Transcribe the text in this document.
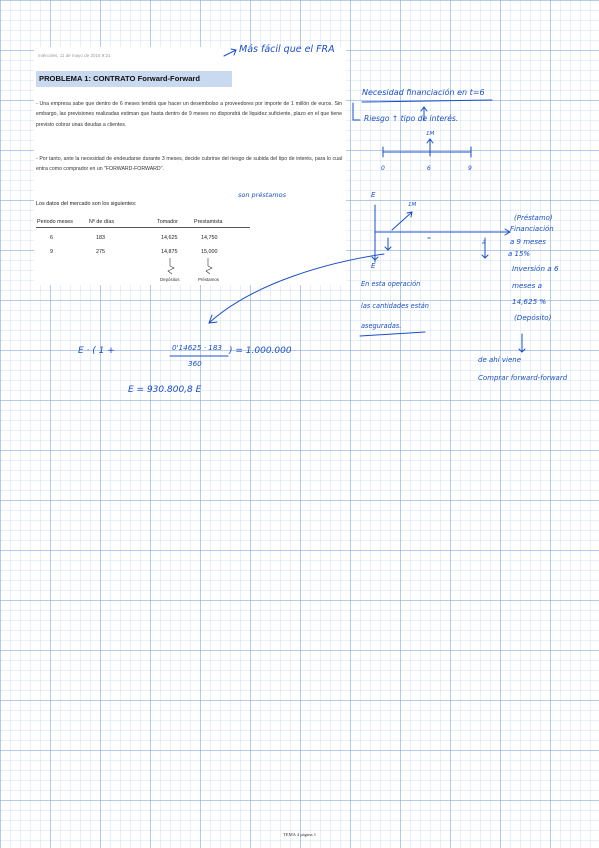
miércoles, 11 de mayo de 2016 9:21
PROBLEMA 1: CONTRATO Forward-Forward
- Una empresa sabe que dentro de 6 meses tendrá que hacer un desembolso a proveedores por importe de 1 millón de euros. Sin embargo, las previsiones realizadas estiman que hasta dentro de 9 meses no dispondrá de liquidez suficiente, plazo en el que tiene previsto cobrar unas deudas a clientes.
- Por tanto, ante la necesidad de endeudarse durante 3 meses, decide cubrirse del riesgo de subida del tipo de interés, para lo cual entra como comprador en un "FORWARD-FORWARD".
Los datos del mercado son los siguientes:
Periodo meses	Nº de días	Tomador	Prestamista
6	183	14,625	14,750
9	275	14,875	15,000
Depósitos	Préstamos
Más fácil que el FRA
son préstamos
Necesidad financiación en t=6
Riesgo ↑ tipo de interés.
1M
0	6	9
E
1M
a
E
(Préstamo)
Financiación
a 9 meses
a 15%
Inversión a 6
meses a
14,625 %
(Depósito)
En esta operación
las cantidades están
aseguradas.
de ahí viene
Comprar forward-forward
E · ( 1 +	0'14625 · 183
360
) = 1.000.000
E = 930.800,8 E
TEMA 4 página 1
